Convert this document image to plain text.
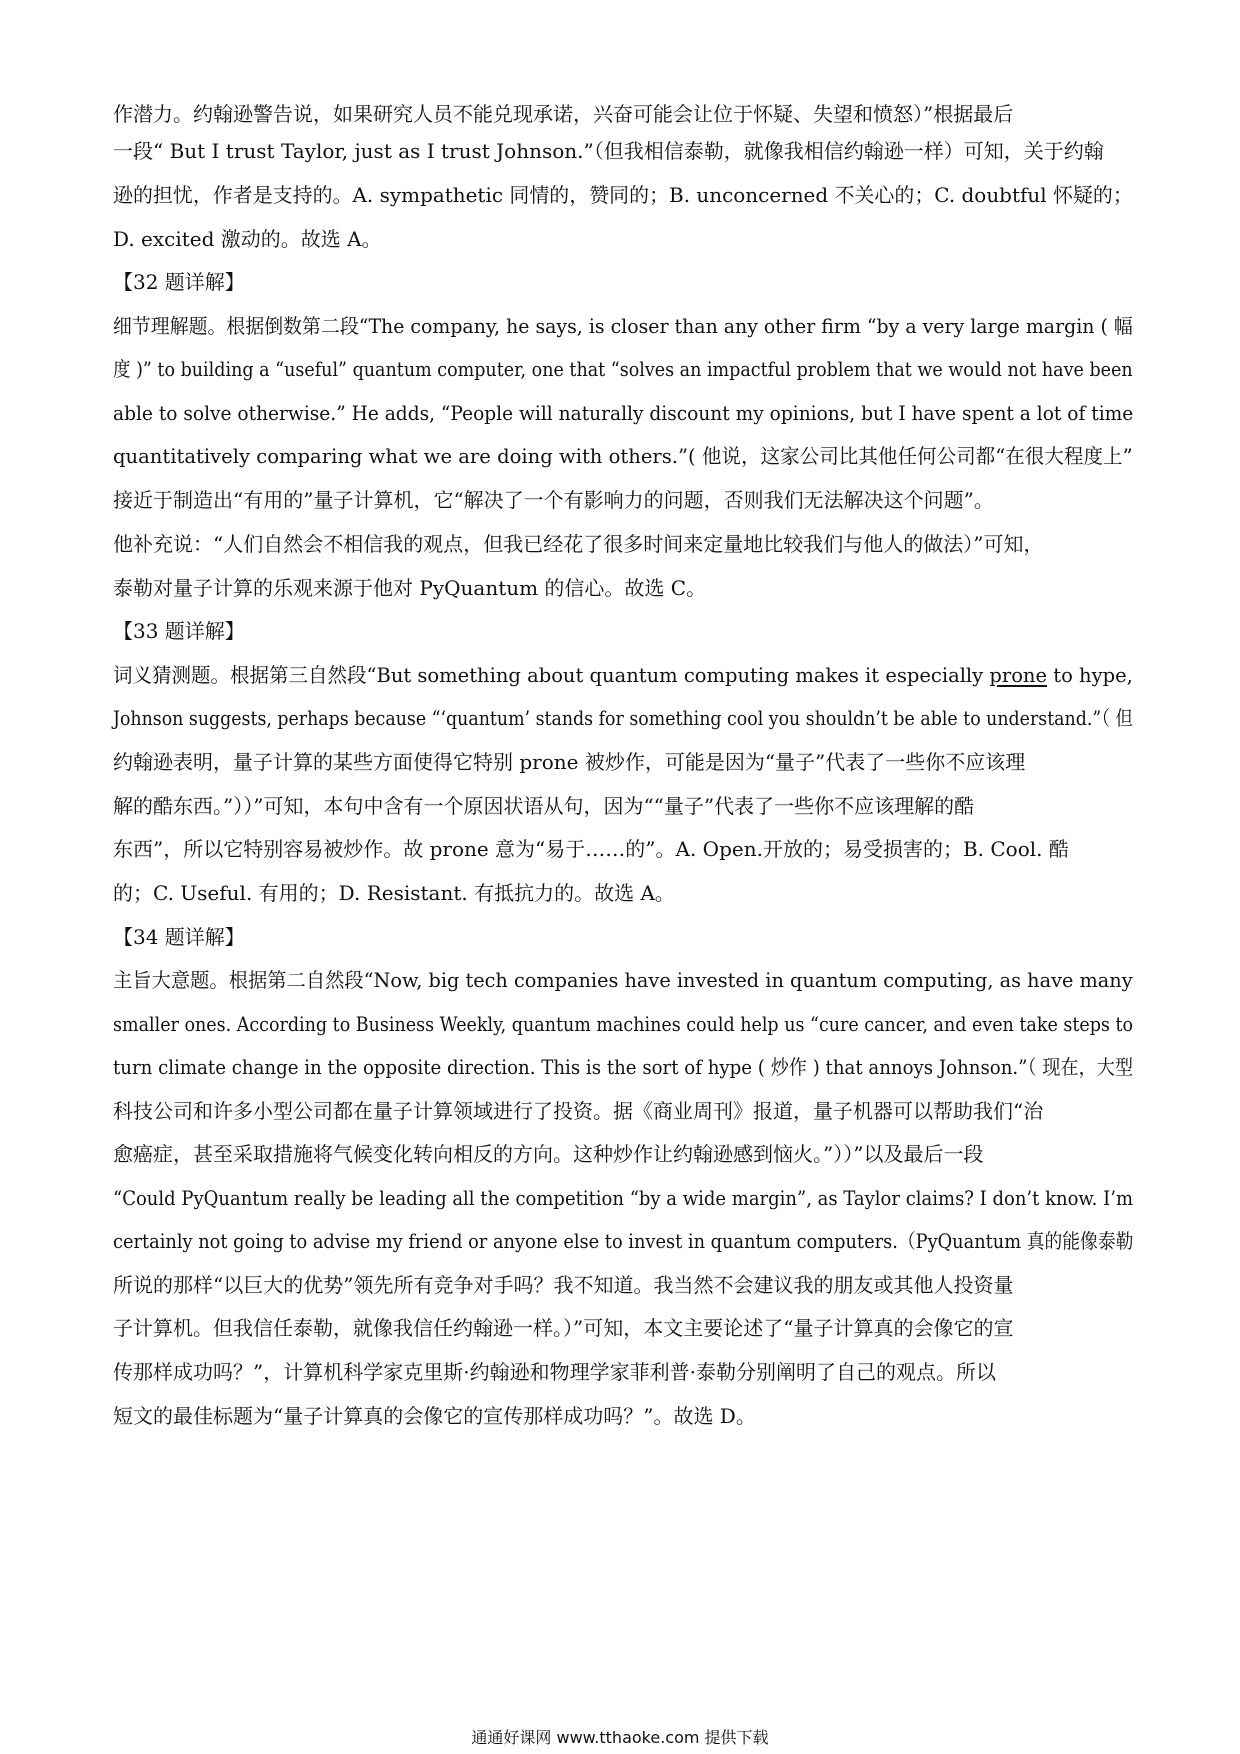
作潜力。约翰逊警告说，如果研究人员不能兑现承诺，兴奋可能会让位于怀疑、失望和愤怒）”根据最后
一段“ But I trust Taylor, just as I trust Johnson.”（但我相信泰勒，就像我相信约翰逊一样）可知，关于约翰
逊的担忧，作者是支持的。A. sympathetic 同情的，赞同的；B. unconcerned 不关心的；C. doubtful 怀疑的；
D. excited 激动的。故选 A。
【32 题详解】
细节理解题。根据倒数第二段“The company, he says, is closer than any other firm “by a very large margin ( 幅
度 )” to building a “useful” quantum computer, one that “solves an impactful problem that we would not have been
able to solve otherwise.” He adds, “People will naturally discount my opinions, but I have spent a lot of time
quantitatively comparing what we are doing with others.”( 他说，这家公司比其他任何公司都“在很大程度上”
接近于制造出“有用的”量子计算机，它“解决了一个有影响力的问题，否则我们无法解决这个问题”。
他补充说：“人们自然会不相信我的观点，但我已经花了很多时间来定量地比较我们与他人的做法）”可知，
泰勒对量子计算的乐观来源于他对 PyQuantum 的信心。故选 C。
【33 题详解】
词义猜测题。根据第三自然段“But something about quantum computing makes it especially prone to hype,
Johnson suggests, perhaps because “‘quantum’ stands for something cool you shouldn’t be able to understand.”（ 但
约翰逊表明，量子计算的某些方面使得它特别 prone 被炒作，可能是因为“量子”代表了一些你不应该理
解的酷东西。”））”可知，本句中含有一个原因状语从句，因为““量子”代表了一些你不应该理解的酷
东西”，所以它特别容易被炒作。故 prone 意为“易于……的”。A. Open.开放的；易受损害的；B. Cool. 酷
的；C. Useful. 有用的；D. Resistant. 有抵抗力的。故选 A。
【34 题详解】
主旨大意题。根据第二自然段“Now, big tech companies have invested in quantum computing, as have many
smaller ones. According to Business Weekly, quantum machines could help us “cure cancer, and even take steps to
turn climate change in the opposite direction. This is the sort of hype ( 炒作 ) that annoys Johnson.”（ 现在，大型
科技公司和许多小型公司都在量子计算领域进行了投资。据《商业周刊》报道，量子机器可以帮助我们“治
愈癌症，甚至采取措施将气候变化转向相反的方向。这种炒作让约翰逊感到恼火。”））”以及最后一段
“Could PyQuantum really be leading all the competition “by a wide margin”, as Taylor claims? I don’t know. I’m
certainly not going to advise my friend or anyone else to invest in quantum computers.（PyQuantum 真的能像泰勒
所说的那样“以巨大的优势”领先所有竞争对手吗？我不知道。我当然不会建议我的朋友或其他人投资量
子计算机。但我信任泰勒，就像我信任约翰逊一样。）”可知，本文主要论述了“量子计算真的会像它的宣
传那样成功吗？”，计算机科学家克里斯·约翰逊和物理学家菲利普·泰勒分别阐明了自己的观点。所以
短文的最佳标题为“量子计算真的会像它的宣传那样成功吗？”。故选 D。
通通好课网 www.tthaoke.com 提供下载
